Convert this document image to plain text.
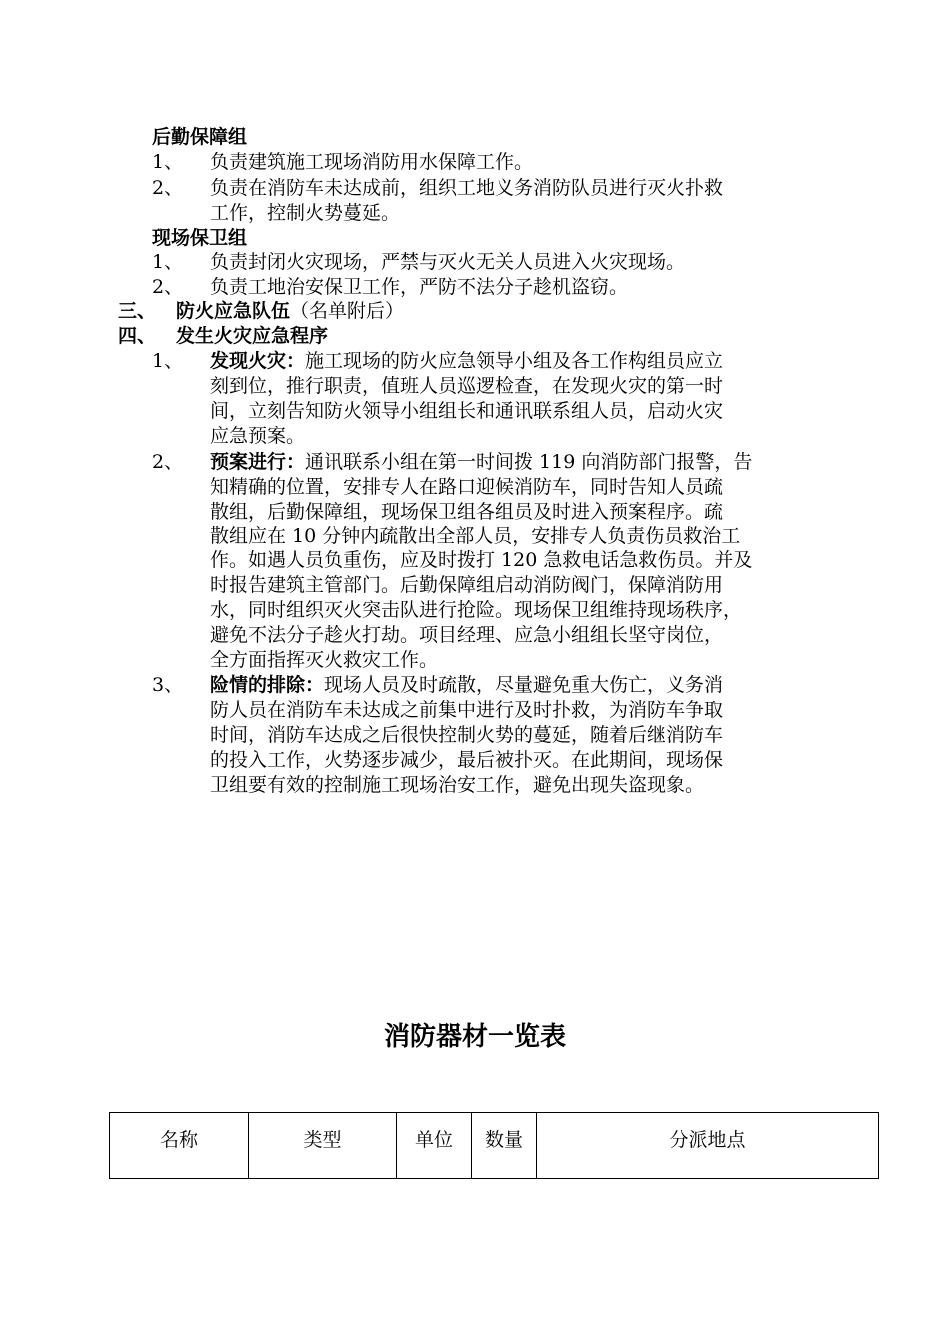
后勤保障组
1、 负责建筑施工现场消防用水保障工作。
2、 负责在消防车未达成前，组织工地义务消防队员进行灭火扑救
工作，控制火势蔓延。
现场保卫组
1、 负责封闭火灾现场，严禁与灭火无关人员进入火灾现场。
2、 负责工地治安保卫工作，严防不法分子趁机盗窃。
三、 防火应急队伍（名单附后）
四、 发生火灾应急程序
1、 发现火灾：施工现场的防火应急领导小组及各工作构组员应立
刻到位，推行职责，值班人员巡逻检查，在发现火灾的第一时
间，立刻告知防火领导小组组长和通讯联系组人员，启动火灾
应急预案。
2、 预案进行：通讯联系小组在第一时间拨 119 向消防部门报警，告
知精确的位置，安排专人在路口迎候消防车，同时告知人员疏
散组，后勤保障组，现场保卫组各组员及时进入预案程序。疏
散组应在 10 分钟内疏散出全部人员，安排专人负责伤员救治工
作。如遇人员负重伤，应及时拨打 120 急救电话急救伤员。并及
时报告建筑主管部门。后勤保障组启动消防阀门，保障消防用
水，同时组织灭火突击队进行抢险。现场保卫组维持现场秩序，
避免不法分子趁火打劫。项目经理、应急小组组长坚守岗位，
全方面指挥灭火救灾工作。
3、 险情的排除：现场人员及时疏散，尽量避免重大伤亡，义务消
防人员在消防车未达成之前集中进行及时扑救，为消防车争取
时间，消防车达成之后很快控制火势的蔓延，随着后继消防车
的投入工作，火势逐步减少，最后被扑灭。在此期间，现场保
卫组要有效的控制施工现场治安工作，避免出现失盗现象。
消防器材一览表
名称	类型	单位	数量	分派地点
